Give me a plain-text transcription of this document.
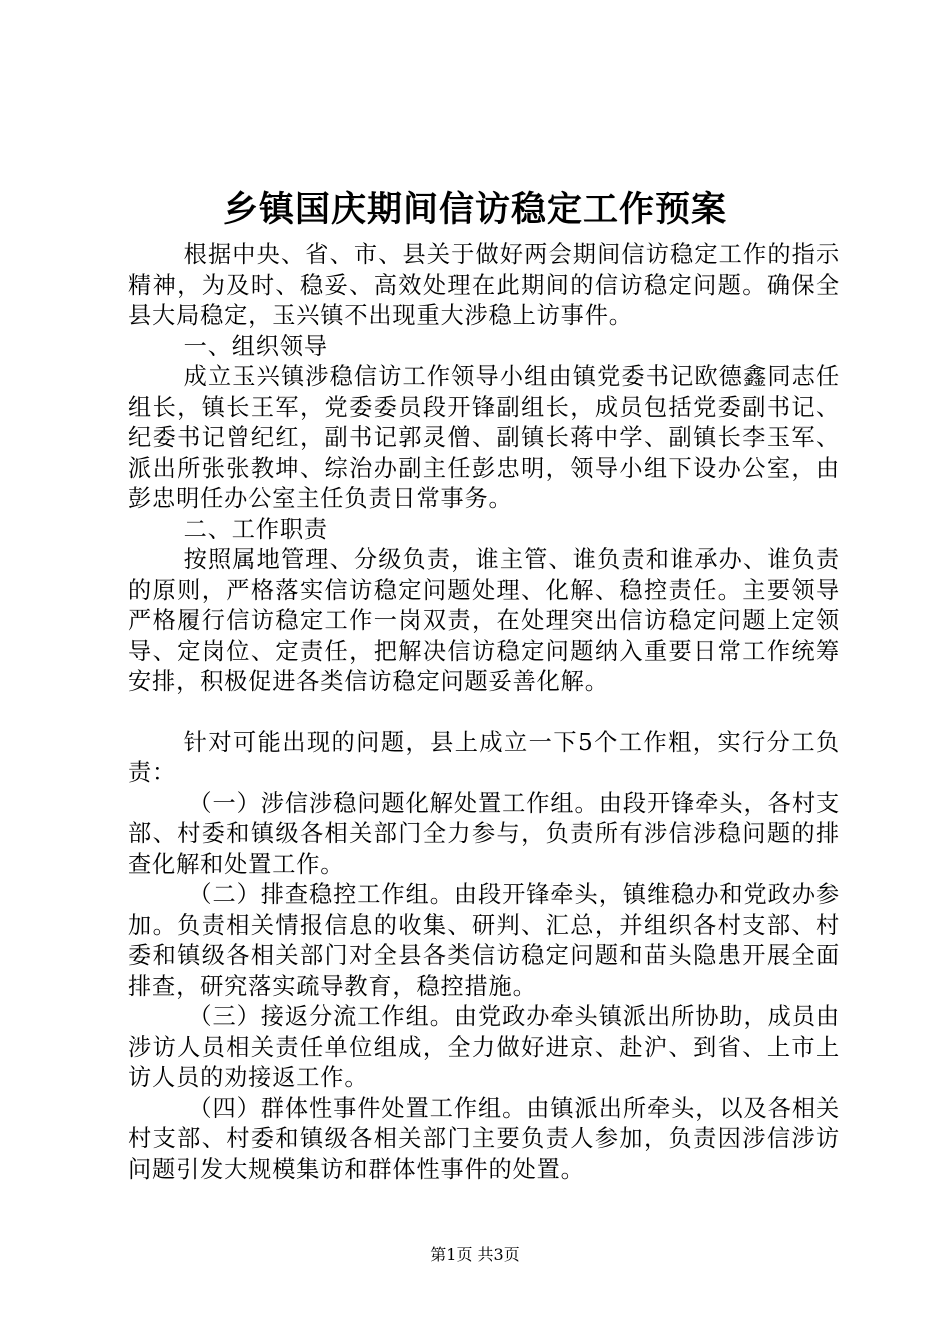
乡镇国庆期间信访稳定工作预案

根据中央、省、市、县关于做好两会期间信访稳定工作的指示精神，为及时、稳妥、高效处理在此期间的信访稳定问题。确保全县大局稳定，玉兴镇不出现重大涉稳上访事件。

一、组织领导

成立玉兴镇涉稳信访工作领导小组由镇党委书记欧德鑫同志任组长，镇长王军，党委委员段开锋副组长，成员包括党委副书记、纪委书记曾纪红，副书记郭灵僧、副镇长蒋中学、副镇长李玉军、派出所张张教坤、综治办副主任彭忠明，领导小组下设办公室，由彭忠明任办公室主任负责日常事务。

二、工作职责

按照属地管理、分级负责，谁主管、谁负责和谁承办、谁负责的原则，严格落实信访稳定问题处理、化解、稳控责任。主要领导严格履行信访稳定工作一岗双责，在处理突出信访稳定问题上定领导、定岗位、定责任，把解决信访稳定问题纳入重要日常工作统筹安排，积极促进各类信访稳定问题妥善化解。

针对可能出现的问题，县上成立一下5个工作粗，实行分工负责：

（一）涉信涉稳问题化解处置工作组。由段开锋牵头，各村支部、村委和镇级各相关部门全力参与，负责所有涉信涉稳问题的排查化解和处置工作。

（二）排查稳控工作组。由段开锋牵头，镇维稳办和党政办参加。负责相关情报信息的收集、研判、汇总，并组织各村支部、村委和镇级各相关部门对全县各类信访稳定问题和苗头隐患开展全面排查，研究落实疏导教育，稳控措施。

（三）接返分流工作组。由党政办牵头镇派出所协助，成员由涉访人员相关责任单位组成，全力做好进京、赴沪、到省、上市上访人员的劝接返工作。

（四）群体性事件处置工作组。由镇派出所牵头，以及各相关村支部、村委和镇级各相关部门主要负责人参加，负责因涉信涉访问题引发大规模集访和群体性事件的处置。

第1页 共3页
